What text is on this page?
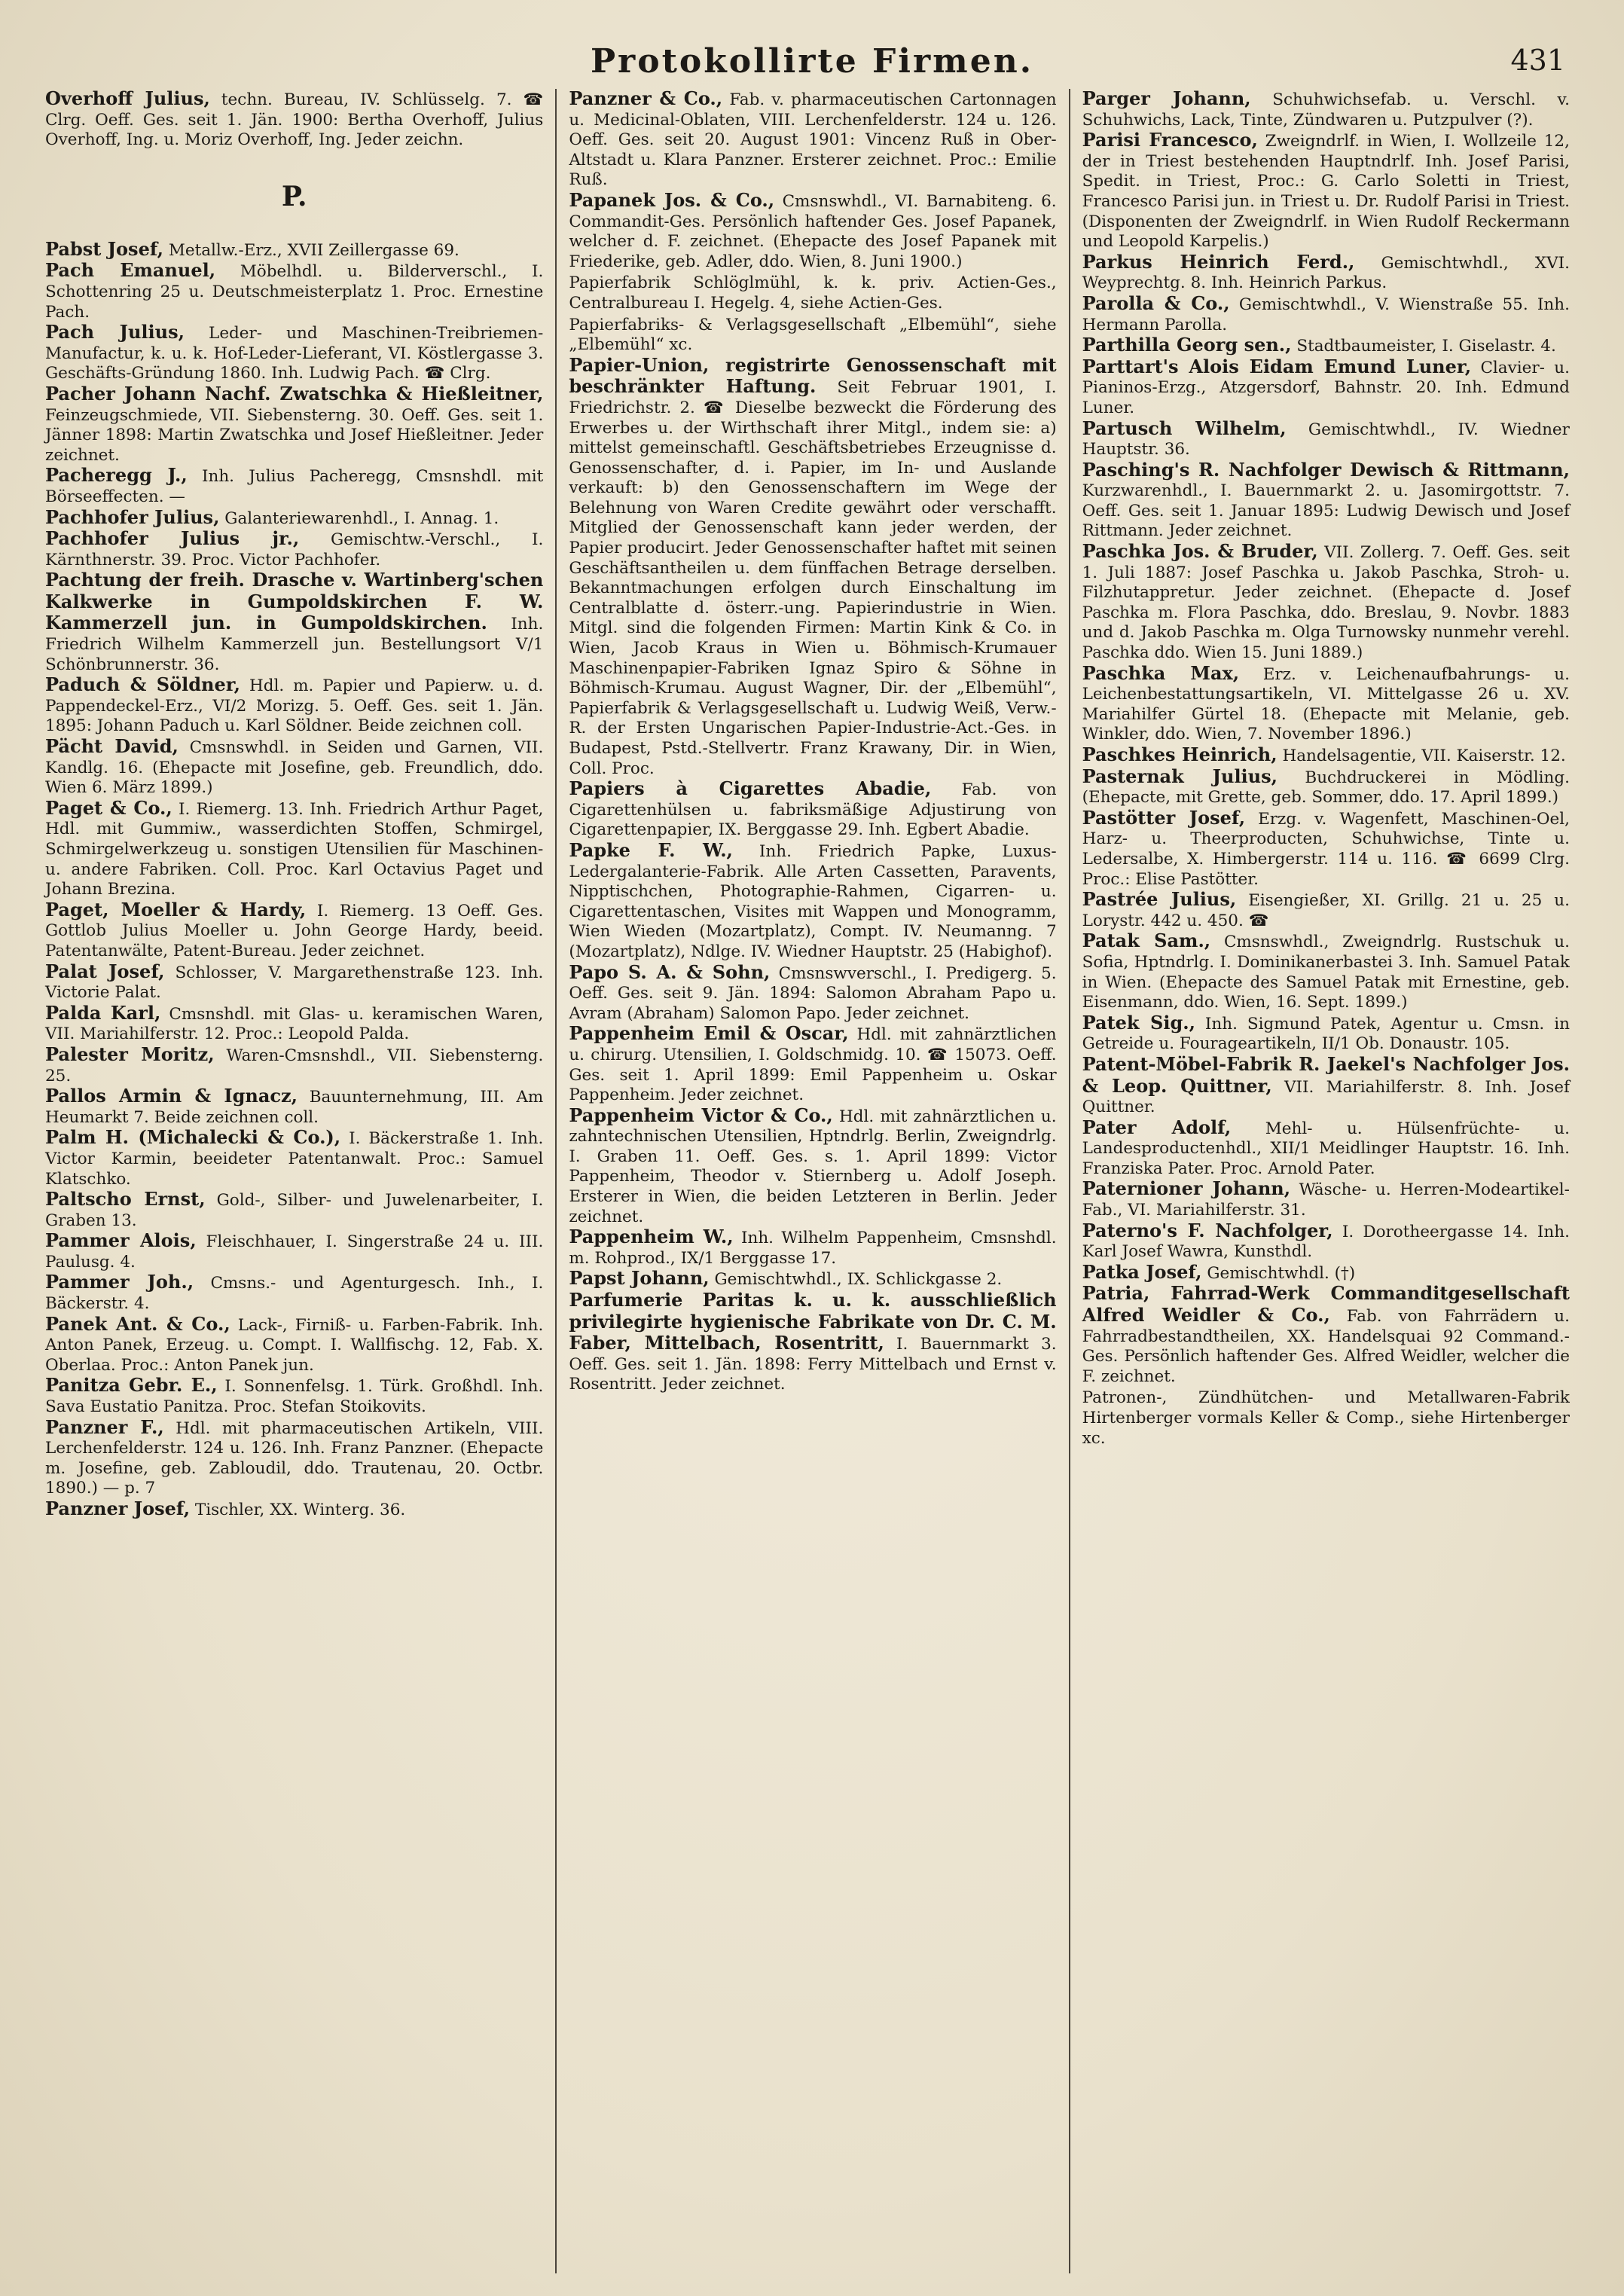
Protokollirte Firmen.	431
Overhoff Julius, techn. Bureau, IV. Schlüsselg. 7. ☎ Clrg. Oeff. Ges. seit 1. Jän. 1900: Bertha Overhoff, Julius Overhoff, Ing. u. Moriz Overhoff, Ing. Jeder zeichn.
P.
Pabst Josef, Metallw.-Erz., XVII Zeillergasse 69.
Pach Emanuel, Möbelhdl. u. Bilderverschl., I. Schottenring 25 u. Deutschmeisterplatz 1. Proc. Ernestine Pach.
Pach Julius, Leder- und Maschinen-Treibriemen-Manufactur, k. u. k. Hof-Leder-Lieferant, VI. Köstlergasse 3. Geschäfts-Gründung 1860. Inh. Ludwig Pach. ☎ Clrg.
Pacher Johann Nachf. Zwatschka & Hießleitner, Feinzeugschmiede, VII. Siebensterng. 30. Oeff. Ges. seit 1. Jänner 1898: Martin Zwatschka und Josef Hießleitner. Jeder zeichnet.
Pacheregg J., Inh. Julius Pacheregg, Cmsnshdl. mit Börseeffecten. —
Pachhofer Julius, Galanteriewarenhdl., I. Annag. 1.
Pachhofer Julius jr., Gemischtw.-Verschl., I. Kärnthnerstr. 39. Proc. Victor Pachhofer.
Pachtung der freih. Drasche v. Wartinberg'schen Kalkwerke in Gumpoldskirchen F. W. Kammerzell jun. in Gumpoldskirchen. Inh. Friedrich Wilhelm Kammerzell jun. Bestellungsort V/1 Schönbrunnerstr. 36.
Paduch & Söldner, Hdl. m. Papier und Papierw. u. d. Pappendeckel-Erz., VI/2 Morizg. 5. Oeff. Ges. seit 1. Jän. 1895: Johann Paduch u. Karl Söldner. Beide zeichnen coll.
Pächt David, Cmsnswhdl. in Seiden und Garnen, VII. Kandlg. 16. (Ehepacte mit Josefine, geb. Freundlich, ddo. Wien 6. März 1899.)
Paget & Co., I. Riemerg. 13. Inh. Friedrich Arthur Paget, Hdl. mit Gummiw., wasserdichten Stoffen, Schmirgel, Schmirgelwerkzeug u. sonstigen Utensilien für Maschinen- u. andere Fabriken. Coll. Proc. Karl Octavius Paget und Johann Brezina.
Paget, Moeller & Hardy, I. Riemerg. 13 Oeff. Ges. Gottlob Julius Moeller u. John George Hardy, beeid. Patentanwälte, Patent-Bureau. Jeder zeichnet.
Palat Josef, Schlosser, V. Margarethenstraße 123. Inh. Victorie Palat.
Palda Karl, Cmsnshdl. mit Glas- u. keramischen Waren, VII. Mariahilferstr. 12. Proc.: Leopold Palda.
Palester Moritz, Waren-Cmsnshdl., VII. Siebensterng. 25.
Pallos Armin & Ignacz, Bauunternehmung, III. Am Heumarkt 7. Beide zeichnen coll.
Palm H. (Michalecki & Co.), I. Bäckerstraße 1. Inh. Victor Karmin, beeideter Patentanwalt. Proc.: Samuel Klatschko.
Paltscho Ernst, Gold-, Silber- und Juwelenarbeiter, I. Graben 13.
Pammer Alois, Fleischhauer, I. Singerstraße 24 u. III. Paulusg. 4.
Pammer Joh., Cmsns.- und Agenturgesch. Inh., I. Bäckerstr. 4.
Panek Ant. & Co., Lack-, Firniß- u. Farben-Fabrik. Inh. Anton Panek, Erzeug. u. Compt. I. Wallfischg. 12, Fab. X. Oberlaa. Proc.: Anton Panek jun.
Panitza Gebr. E., I. Sonnenfelsg. 1. Türk. Großhdl. Inh. Sava Eustatio Panitza. Proc. Stefan Stoikovits.
Panzner F., Hdl. mit pharmaceutischen Artikeln, VIII. Lerchenfelderstr. 124 u. 126. Inh. Franz Panzner. (Ehepacte m. Josefine, geb. Zabloudil, ddo. Trautenau, 20. Octbr. 1890.) — p. 7
Panzner Josef, Tischler, XX. Winterg. 36.
Panzner & Co., Fab. v. pharmaceutischen Cartonnagen u. Medicinal-Oblaten, VIII. Lerchenfelderstr. 124 u. 126. Oeff. Ges. seit 20. August 1901: Vincenz Ruß in Ober-Altstadt u. Klara Panzner. Ersterer zeichnet. Proc.: Emilie Ruß.
Papanek Jos. & Co., Cmsnswhdl., VI. Barnabiteng. 6. Commandit-Ges. Persönlich haftender Ges. Josef Papanek, welcher d. F. zeichnet. (Ehepacte des Josef Papanek mit Friederike, geb. Adler, ddo. Wien, 8. Juni 1900.)
Papierfabrik Schlöglmühl, k. k. priv. Actien-Ges., Centralbureau I. Hegelg. 4, siehe Actien-Ges.
Papierfabriks- & Verlagsgesellschaft „Elbemühl“, siehe „Elbemühl“ xc.
Papier-Union, registrirte Genossenschaft mit beschränkter Haftung. Seit Februar 1901, I. Friedrichstr. 2. ☎ Dieselbe bezweckt die Förderung des Erwerbes u. der Wirthschaft ihrer Mitgl., indem sie: a) mittelst gemeinschaftl. Geschäftsbetriebes Erzeugnisse d. Genossenschafter, d. i. Papier, im In- und Auslande verkauft: b) den Genossenschaftern im Wege der Belehnung von Waren Credite gewährt oder verschafft. Mitglied der Genossenschaft kann jeder werden, der Papier producirt. Jeder Genossenschafter haftet mit seinen Geschäftsantheilen u. dem fünffachen Betrage derselben. Bekanntmachungen erfolgen durch Einschaltung im Centralblatte d. österr.-ung. Papierindustrie in Wien. Mitgl. sind die folgenden Firmen: Martin Kink & Co. in Wien, Jacob Kraus in Wien u. Böhmisch-Krumauer Maschinenpapier-Fabriken Ignaz Spiro & Söhne in Böhmisch-Krumau. August Wagner, Dir. der „Elbemühl“, Papierfabrik & Verlagsgesellschaft u. Ludwig Weiß, Verw.-R. der Ersten Ungarischen Papier-Industrie-Act.-Ges. in Budapest, Pstd.-Stellvertr. Franz Krawany, Dir. in Wien, Coll. Proc.
Papiers à Cigarettes Abadie, Fab. von Cigarettenhülsen u. fabriksmäßige Adjustirung von Cigarettenpapier, IX. Berggasse 29. Inh. Egbert Abadie.
Papke F. W., Inh. Friedrich Papke, Luxus-Ledergalanterie-Fabrik. Alle Arten Cassetten, Paravents, Nipptischchen, Photographie-Rahmen, Cigarren- u. Cigarettentaschen, Visites mit Wappen und Monogramm, Wien Wieden (Mozartplatz), Compt. IV. Neumanng. 7 (Mozartplatz), Ndlge. IV. Wiedner Hauptstr. 25 (Habighof).
Papo S. A. & Sohn, Cmsnswverschl., I. Predigerg. 5. Oeff. Ges. seit 9. Jän. 1894: Salomon Abraham Papo u. Avram (Abraham) Salomon Papo. Jeder zeichnet.
Pappenheim Emil & Oscar, Hdl. mit zahnärztlichen u. chirurg. Utensilien, I. Goldschmidg. 10. ☎ 15073. Oeff. Ges. seit 1. April 1899: Emil Pappenheim u. Oskar Pappenheim. Jeder zeichnet.
Pappenheim Victor & Co., Hdl. mit zahnärztlichen u. zahntechnischen Utensilien, Hptndrlg. Berlin, Zweigndrlg. I. Graben 11. Oeff. Ges. s. 1. April 1899: Victor Pappenheim, Theodor v. Stiernberg u. Adolf Joseph. Ersterer in Wien, die beiden Letzteren in Berlin. Jeder zeichnet.
Pappenheim W., Inh. Wilhelm Pappenheim, Cmsnshdl. m. Rohprod., IX/1 Berggasse 17.
Papst Johann, Gemischtwhdl., IX. Schlickgasse 2.
Parfumerie Paritas k. u. k. ausschließlich privilegirte hygienische Fabrikate von Dr. C. M. Faber, Mittelbach, Rosentritt, I. Bauernmarkt 3. Oeff. Ges. seit 1. Jän. 1898: Ferry Mittelbach und Ernst v. Rosentritt. Jeder zeichnet.
Parger Johann, Schuhwichsefab. u. Verschl. v. Schuhwichs, Lack, Tinte, Zündwaren u. Putzpulver (?).
Parisi Francesco, Zweigndrlf. in Wien, I. Wollzeile 12, der in Triest bestehenden Hauptndrlf. Inh. Josef Parisi, Spedit. in Triest, Proc.: G. Carlo Soletti in Triest, Francesco Parisi jun. in Triest u. Dr. Rudolf Parisi in Triest. (Disponenten der Zweigndrlf. in Wien Rudolf Reckermann und Leopold Karpelis.)
Parkus Heinrich Ferd., Gemischtwhdl., XVI. Weyprechtg. 8. Inh. Heinrich Parkus.
Parolla & Co., Gemischtwhdl., V. Wienstraße 55. Inh. Hermann Parolla.
Parthilla Georg sen., Stadtbaumeister, I. Giselastr. 4.
Parttart's Alois Eidam Emund Luner, Clavier- u. Pianinos-Erzg., Atzgersdorf, Bahnstr. 20. Inh. Edmund Luner.
Partusch Wilhelm, Gemischtwhdl., IV. Wiedner Hauptstr. 36.
Pasching's R. Nachfolger Dewisch & Rittmann, Kurzwarenhdl., I. Bauernmarkt 2. u. Jasomirgottstr. 7. Oeff. Ges. seit 1. Januar 1895: Ludwig Dewisch und Josef Rittmann. Jeder zeichnet.
Paschka Jos. & Bruder, VII. Zollerg. 7. Oeff. Ges. seit 1. Juli 1887: Josef Paschka u. Jakob Paschka, Stroh- u. Filzhutappretur. Jeder zeichnet. (Ehepacte d. Josef Paschka m. Flora Paschka, ddo. Breslau, 9. Novbr. 1883 und d. Jakob Paschka m. Olga Turnowsky nunmehr verehl. Paschka ddo. Wien 15. Juni 1889.)
Paschka Max, Erz. v. Leichenaufbahrungs- u. Leichenbestattungsartikeln, VI. Mittelgasse 26 u. XV. Mariahilfer Gürtel 18. (Ehepacte mit Melanie, geb. Winkler, ddo. Wien, 7. November 1896.)
Paschkes Heinrich, Handelsagentie, VII. Kaiserstr. 12.
Pasternak Julius, Buchdruckerei in Mödling. (Ehepacte, mit Grette, geb. Sommer, ddo. 17. April 1899.)
Pastötter Josef, Erzg. v. Wagenfett, Maschinen-Oel, Harz- u. Theerproducten, Schuhwichse, Tinte u. Ledersalbe, X. Himbergerstr. 114 u. 116. ☎ 6699 Clrg. Proc.: Elise Pastötter.
Pastrée Julius, Eisengießer, XI. Grillg. 21 u. 25 u. Lorystr. 442 u. 450. ☎
Patak Sam., Cmsnswhdl., Zweigndrlg. Rustschuk u. Sofia, Hptndrlg. I. Dominikanerbastei 3. Inh. Samuel Patak in Wien. (Ehepacte des Samuel Patak mit Ernestine, geb. Eisenmann, ddo. Wien, 16. Sept. 1899.)
Patek Sig., Inh. Sigmund Patek, Agentur u. Cmsn. in Getreide u. Fourageartikeln, II/1 Ob. Donaustr. 105.
Patent-Möbel-Fabrik R. Jaekel's Nachfolger Jos. & Leop. Quittner, VII. Mariahilferstr. 8. Inh. Josef Quittner.
Pater Adolf, Mehl- u. Hülsenfrüchte- u. Landesproductenhdl., XII/1 Meidlinger Hauptstr. 16. Inh. Franziska Pater. Proc. Arnold Pater.
Paternioner Johann, Wäsche- u. Herren-Modeartikel-Fab., VI. Mariahilferstr. 31.
Paterno's F. Nachfolger, I. Dorotheergasse 14. Inh. Karl Josef Wawra, Kunsthdl.
Patka Josef, Gemischtwhdl. (†)
Patria, Fahrrad-Werk Commanditgesellschaft Alfred Weidler & Co., Fab. von Fahrrädern u. Fahrradbestandtheilen, XX. Handelsquai 92 Command.-Ges. Persönlich haftender Ges. Alfred Weidler, welcher die F. zeichnet.
Patronen-, Zündhütchen- und Metallwaren-Fabrik Hirtenberger vormals Keller & Comp., siehe Hirtenberger xc.
